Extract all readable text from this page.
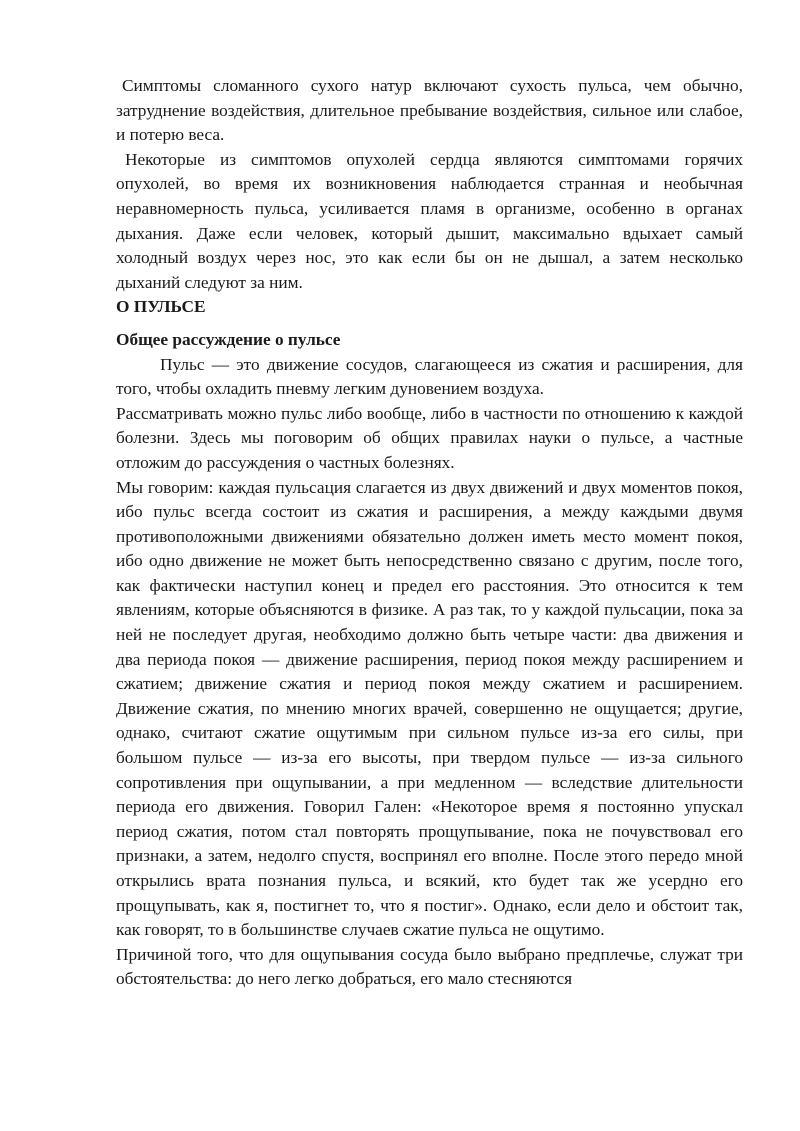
Симптомы сломанного сухого натур включают сухость пульса, чем обычно, затруднение воздействия, длительное пребывание воздействия, сильное или слабое, и потерю веса.

Некоторые из симптомов опухолей сердца являются симптомами горячих опухолей, во время их возникновения наблюдается странная и необычная неравномерность пульса, усиливается пламя в организме, особенно в органах дыхания. Даже если человек, который дышит, максимально вдыхает самый холодный воздух через нос, это как если бы он не дышал, а затем несколько дыханий следуют за ним.

О ПУЛЬСЕ
Общее рассуждение о пульсе

Пульс — это движение сосудов, слагающееся из сжатия и расширения, для того, чтобы охладить пневму легким дуновением воздуха.

Рассматривать можно пульс либо вообще, либо в частности по отношению к каждой болезни. Здесь мы поговорим об общих правилах науки о пульсе, а частные отложим до рассуждения о частных болезнях.

Мы говорим: каждая пульсация слагается из двух движений и двух моментов покоя, ибо пульс всегда состоит из сжатия и расширения, а между каждыми двумя противоположными движениями обязательно должен иметь место момент покоя, ибо одно движение не может быть непосредственно связано с другим, после того, как фактически наступил конец и предел его расстояния. Это относится к тем явлениям, которые объясняются в физике. А раз так, то у каждой пульсации, пока за ней не последует другая, необходимо должно быть четыре части: два движения и два периода покоя — движение расширения, период покоя между расширением и сжатием; движение сжатия и период покоя между сжатием и расширением. Движение сжатия, по мнению многих врачей, совершенно не ощущается; другие, однако, считают сжатие ощутимым при сильном пульсе из-за его силы, при большом пульсе — из-за его высоты, при твердом пульсе — из-за сильного сопротивления при ощупывании, а при медленном — вследствие длительности периода его движения. Говорил Гален: «Некоторое время я постоянно упускал период сжатия, потом стал повторять прощупывание, пока не почувствовал его признаки, а затем, недолго спустя, воспринял его вполне. После этого передо мной открылись врата познания пульса, и всякий, кто будет так же усердно его прощупывать, как я, постигнет то, что я постиг». Однако, если дело и обстоит так, как говорят, то в большинстве случаев сжатие пульса не ощутимо.

Причиной того, что для ощупывания сосуда было выбрано предплечье, служат три обстоятельства: до него легко добраться, его мало стесняются
